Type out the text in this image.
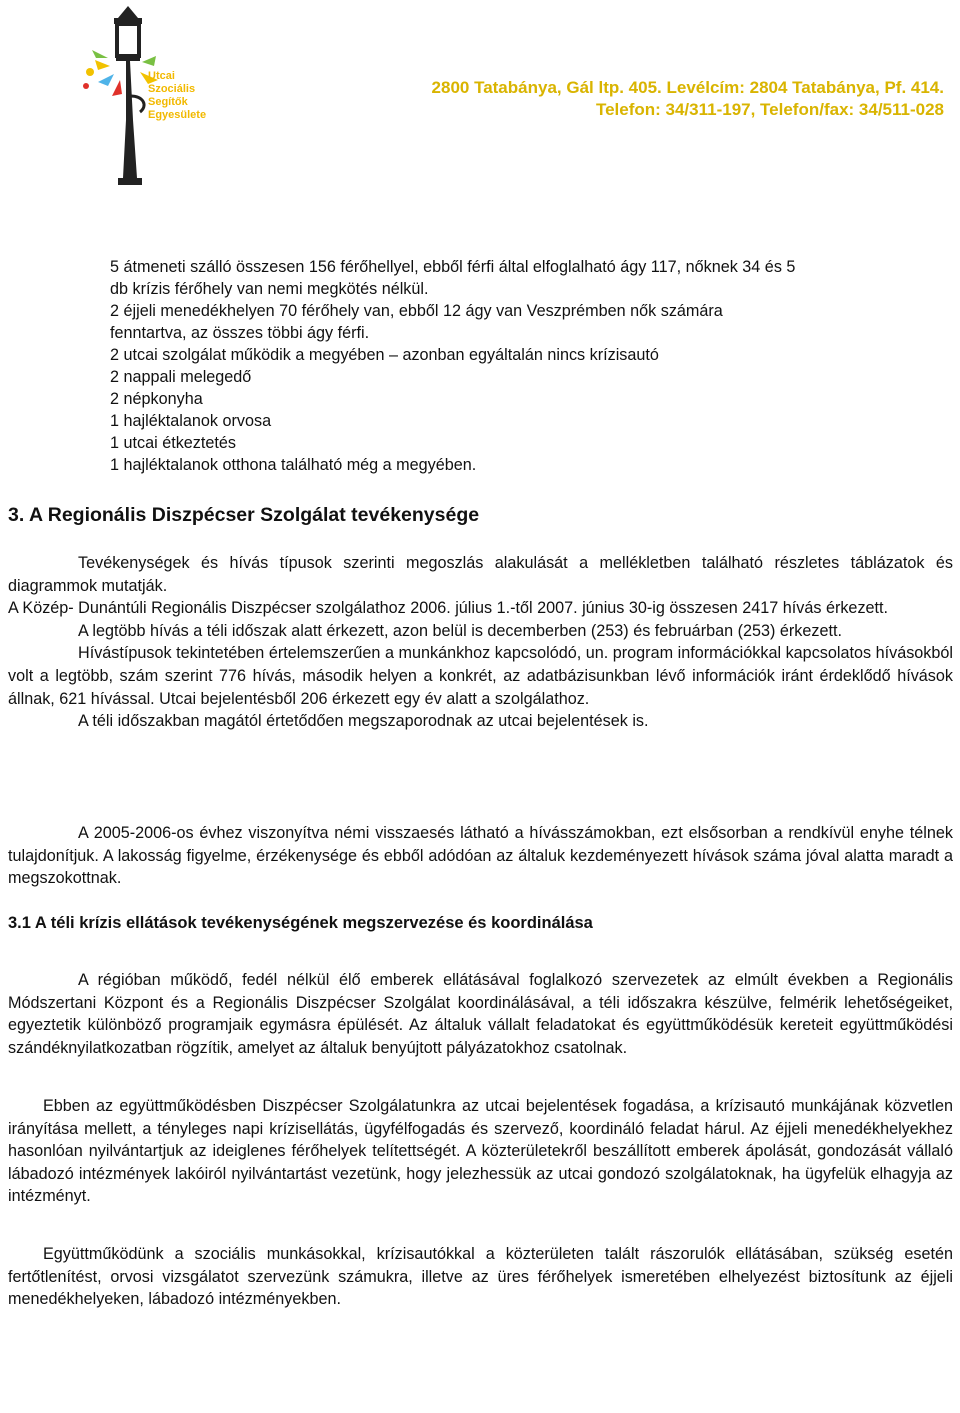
Utcai
Szociális
Segítők
Egyesülete
2800 Tatabánya, Gál ltp. 405. Levélcím: 2804 Tatabánya, Pf. 414.
Telefon: 34/311-197, Telefon/fax: 34/511-028
5 átmeneti szálló összesen 156 férőhellyel, ebből férfi által elfoglalható ágy 117, nőknek 34 és 5
db krízis férőhely van nemi megkötés nélkül.
2 éjjeli menedékhelyen 70 férőhely van, ebből 12 ágy van Veszprémben nők számára
fenntartva, az összes többi ágy férfi.
2 utcai szolgálat működik a megyében – azonban egyáltalán nincs krízisautó
2 nappali melegedő
2 népkonyha
1 hajléktalanok orvosa
1 utcai étkeztetés
1 hajléktalanok otthona található még a megyében.
3. A Regionális Diszpécser Szolgálat tevékenysége

Tevékenységek és hívás típusok szerinti megoszlás alakulását a mellékletben található részletes táblázatok és diagrammok mutatják.

A Közép- Dunántúli Regionális Diszpécser szolgálathoz 2006. július 1.-től 2007. június 30-ig összesen 2417 hívás érkezett.

A legtöbb hívás a téli időszak alatt érkezett, azon belül is decemberben (253) és februárban (253) érkezett.

Hívástípusok tekintetében értelemszerűen a munkánkhoz kapcsolódó, un. program információkkal kapcsolatos hívásokból volt a legtöbb, szám szerint 776 hívás, második helyen a konkrét, az adatbázisunkban lévő információk iránt érdeklődő hívások állnak, 621 hívással. Utcai bejelentésből 206 érkezett egy év alatt a szolgálathoz.

A téli időszakban magától értetődően megszaporodnak az utcai bejelentések is.

A 2005-2006-os évhez viszonyítva némi visszaesés látható a hívásszámokban, ezt elsősorban a rendkívül enyhe télnek tulajdonítjuk. A lakosság figyelme, érzékenysége és ebből adódóan az általuk kezdeményezett hívások száma jóval alatta maradt a megszokottnak.

3.1 A téli krízis ellátások tevékenységének megszervezése és koordinálása

A régióban működő, fedél nélkül élő emberek ellátásával foglalkozó szervezetek az elmúlt években a Regionális Módszertani Központ és a Regionális Diszpécser Szolgálat koordinálásával, a téli időszakra készülve, felmérik lehetőségeiket, egyeztetik különböző programjaik egymásra épülését. Az általuk vállalt feladatokat és együttműködésük kereteit együttműködési szándéknyilatkozatban rögzítik, amelyet az általuk benyújtott pályázatokhoz csatolnak.

Ebben az együttműködésben Diszpécser Szolgálatunkra az utcai bejelentések fogadása, a krízisautó munkájának közvetlen irányítása mellett, a tényleges napi krízisellátás, ügyfélfogadás és szervező, koordináló feladat hárul. Az éjjeli menedékhelyekhez hasonlóan nyilvántartjuk az ideiglenes férőhelyek telítettségét. A közterületekről beszállított emberek ápolását, gondozását vállaló lábadozó intézmények lakóiról nyilvántartást vezetünk, hogy jelezhessük az utcai gondozó szolgálatoknak, ha ügyfelük elhagyja az intézményt.

Együttműködünk a szociális munkásokkal, krízisautókkal a közterületen talált rászorulók ellátásában, szükség esetén fertőtlenítést, orvosi vizsgálatot szervezünk számukra, illetve az üres férőhelyek ismeretében elhelyezést biztosítunk az éjjeli menedékhelyeken, lábadozó intézményekben.
